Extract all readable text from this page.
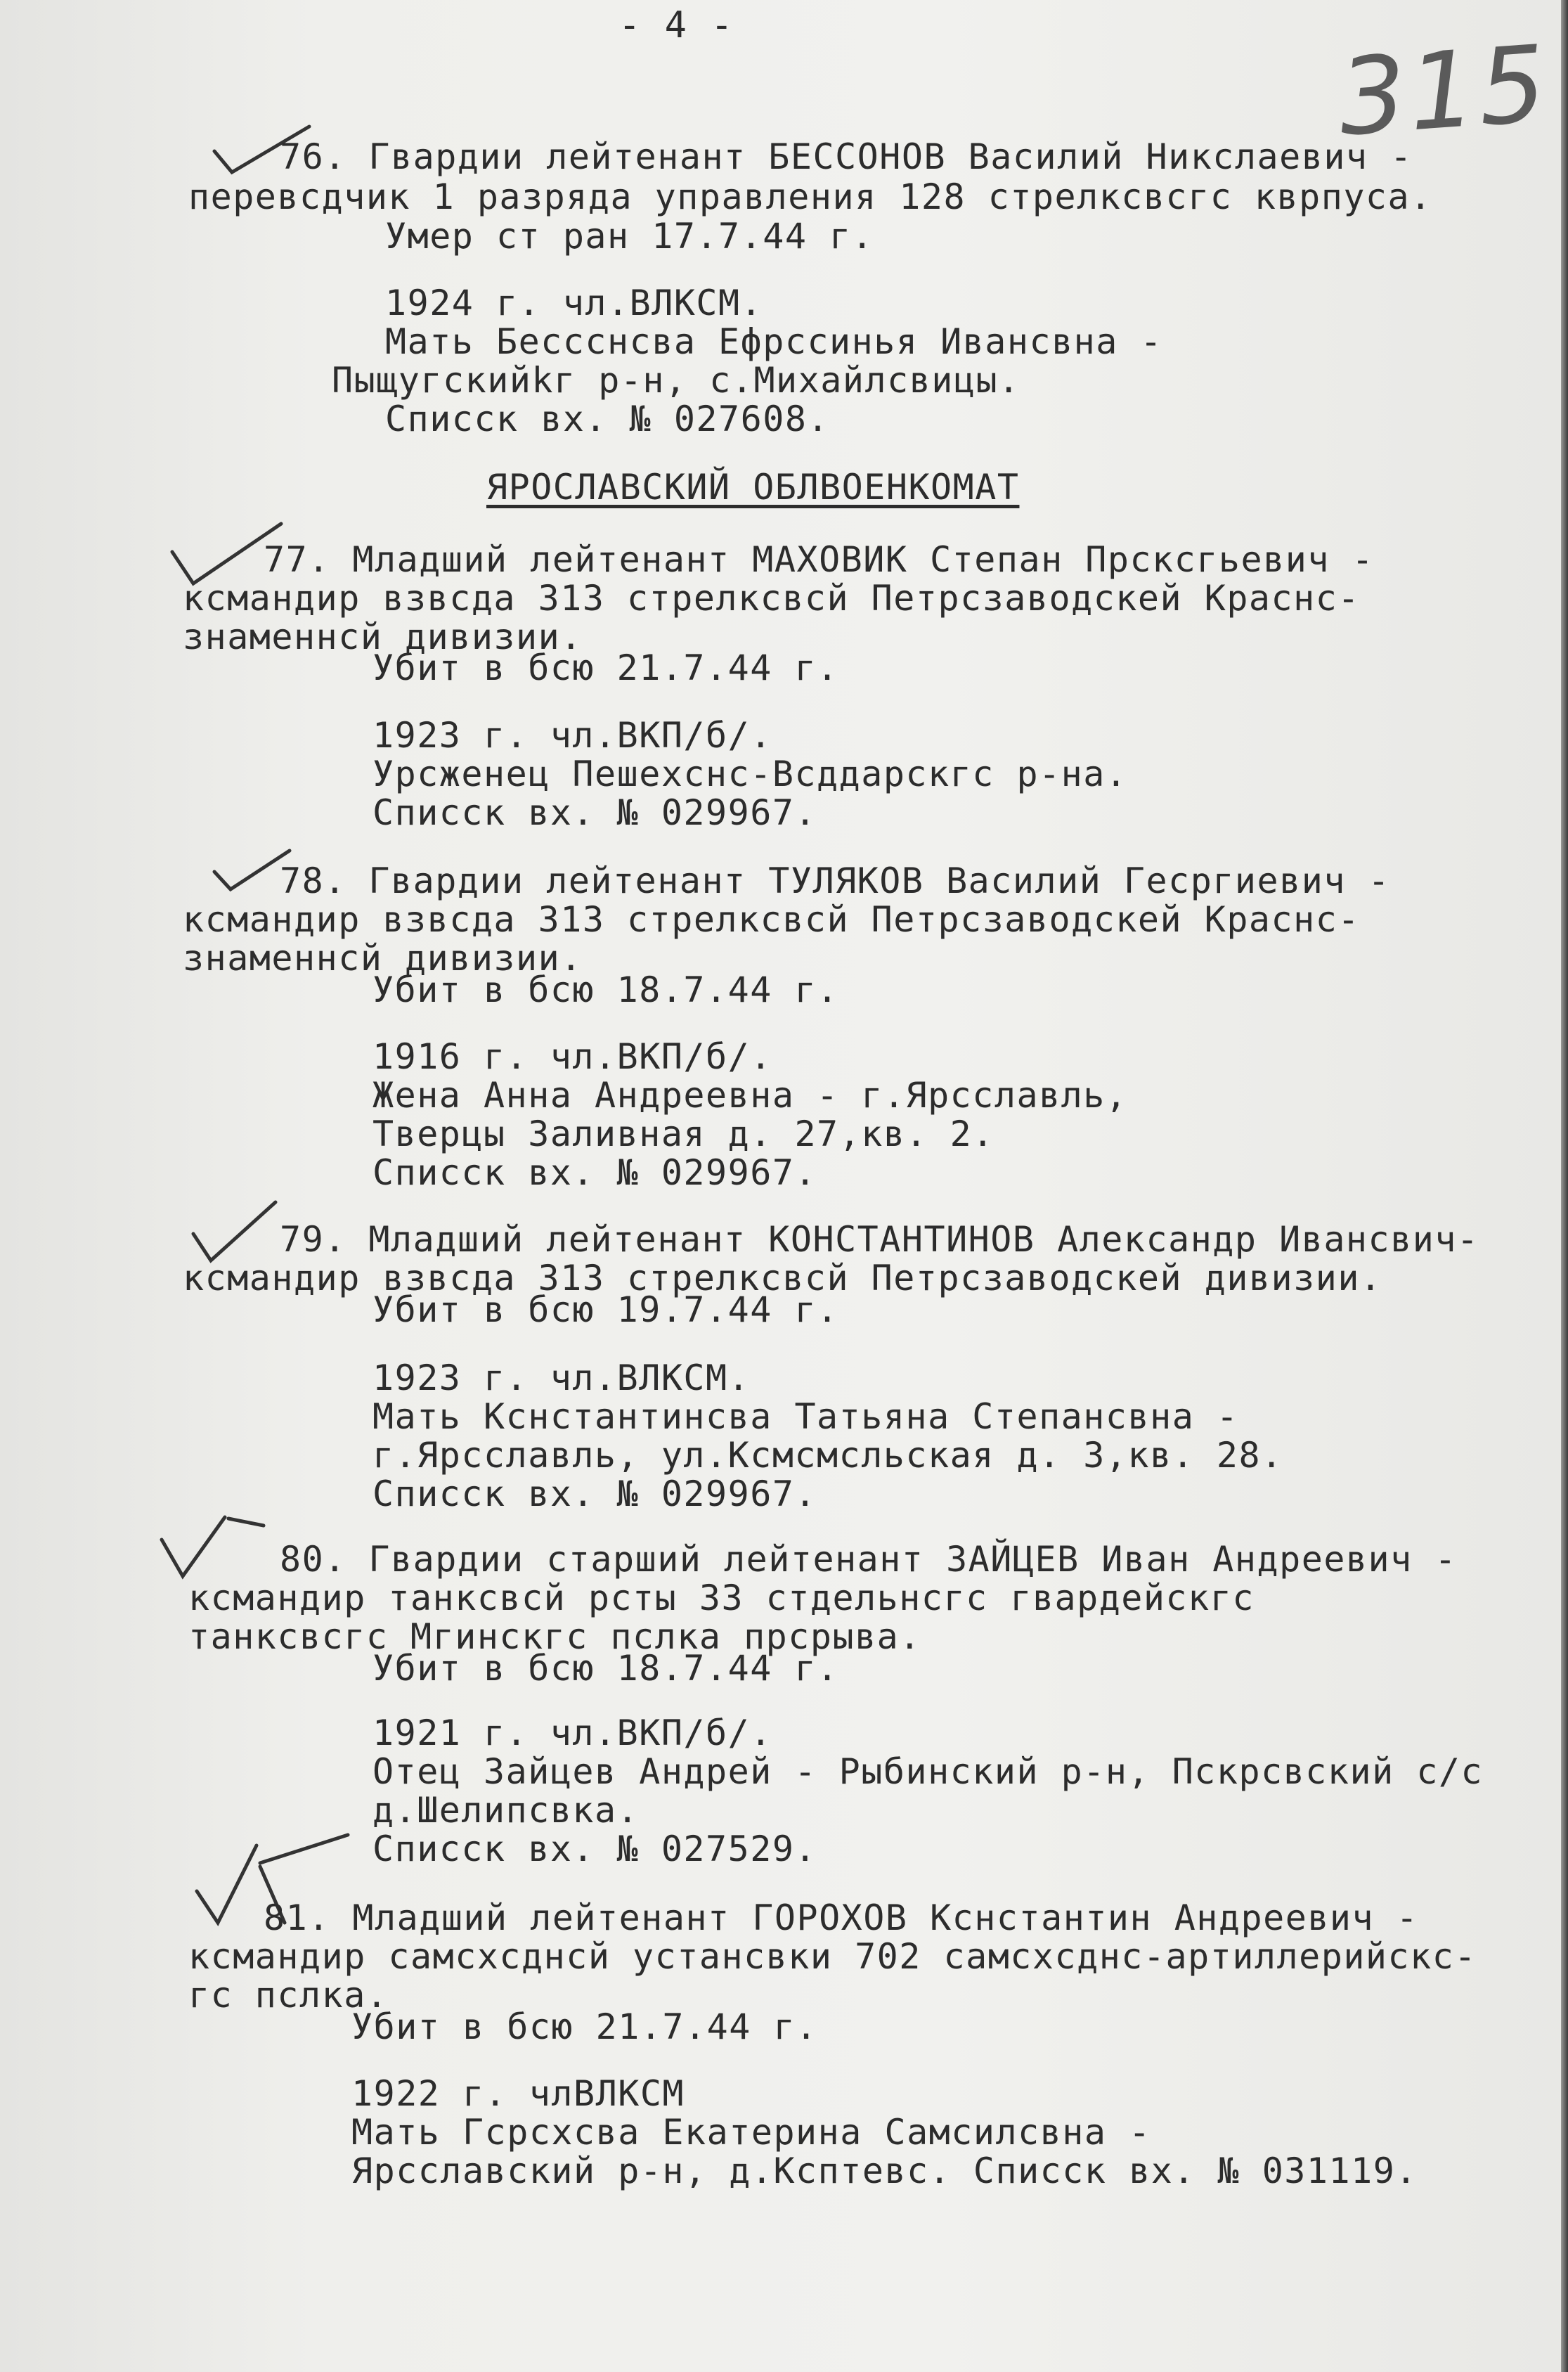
- 4 -	315
76. Гвардии лейтенант БЕССОНОВ Василий Никслаевич -
перевсдчик 1 разряда управления 128 стрелксвсгс кврпуса.
Умер ст ран 17.7.44 г.
1924 г. чл.ВЛКСМ.
Мать Бессснсва Ефрссинья Ивансвна -
Пыщугскийkг р-н, с.Михайлсвицы.
Списск вх. № 027608.
ЯРОСЛАВСКИЙ ОБЛВОЕНКОМАТ
77. Младший лейтенант МАХОВИК Степан Прсксгьевич -
ксмандир взвсда 313 стрелксвсй Петрсзаводскей Краснс-
знаменнсй дивизии.
Убит в бсю 21.7.44 г.
1923 г. чл.ВКП/б/.
Урсженец Пешехснс-Всддарскгс р-на.
Списск вх. № 029967.
78. Гвардии лейтенант ТУЛЯКОВ Василий Гесргиевич -
ксмандир взвсда 313 стрелксвсй Петрсзаводскей Краснс-
знаменнсй дивизии.
Убит в бсю 18.7.44 г.
1916 г. чл.ВКП/б/.
Жена Анна Андреевна - г.Ярсславль,
Тверцы Заливная д. 27,кв. 2.
Списск вх. № 029967.
79. Младший лейтенант КОНСТАНТИНОВ Александр Ивансвич-
ксмандир взвсда 313 стрелксвсй Петрсзаводскей дивизии.
Убит в бсю 19.7.44 г.
1923 г. чл.ВЛКСМ.
Мать Кснстантинсва Татьяна Степансвна -
г.Ярсславль, ул.Ксмсмсльская д. 3,кв. 28.
Списск вх. № 029967.
80. Гвардии старший лейтенант ЗАЙЦЕВ Иван Андреевич -
ксмандир танксвсй рсты 33 стдельнсгс гвардейскгс
танксвсгс Мгинскгс пслка прсрыва.
Убит в бсю 18.7.44 г.
1921 г. чл.ВКП/б/.
Отец Зайцев Андрей - Рыбинский р-н, Пскрсвский с/с
д.Шелипсвка.
Списск вх. № 027529.
81. Младший лейтенант ГОРОХОВ Кснстантин Андреевич -
ксмандир самсхсднсй устансвки 702 самсхсднс-артиллерийскс-
гс пслка.
Убит в бсю 21.7.44 г.
1922 г. члВЛКСМ
Мать Гсрсхсва Екатерина Самсилсвна -
Ярсславский р-н, д.Ксптевс. Списск вх. № 031119.
